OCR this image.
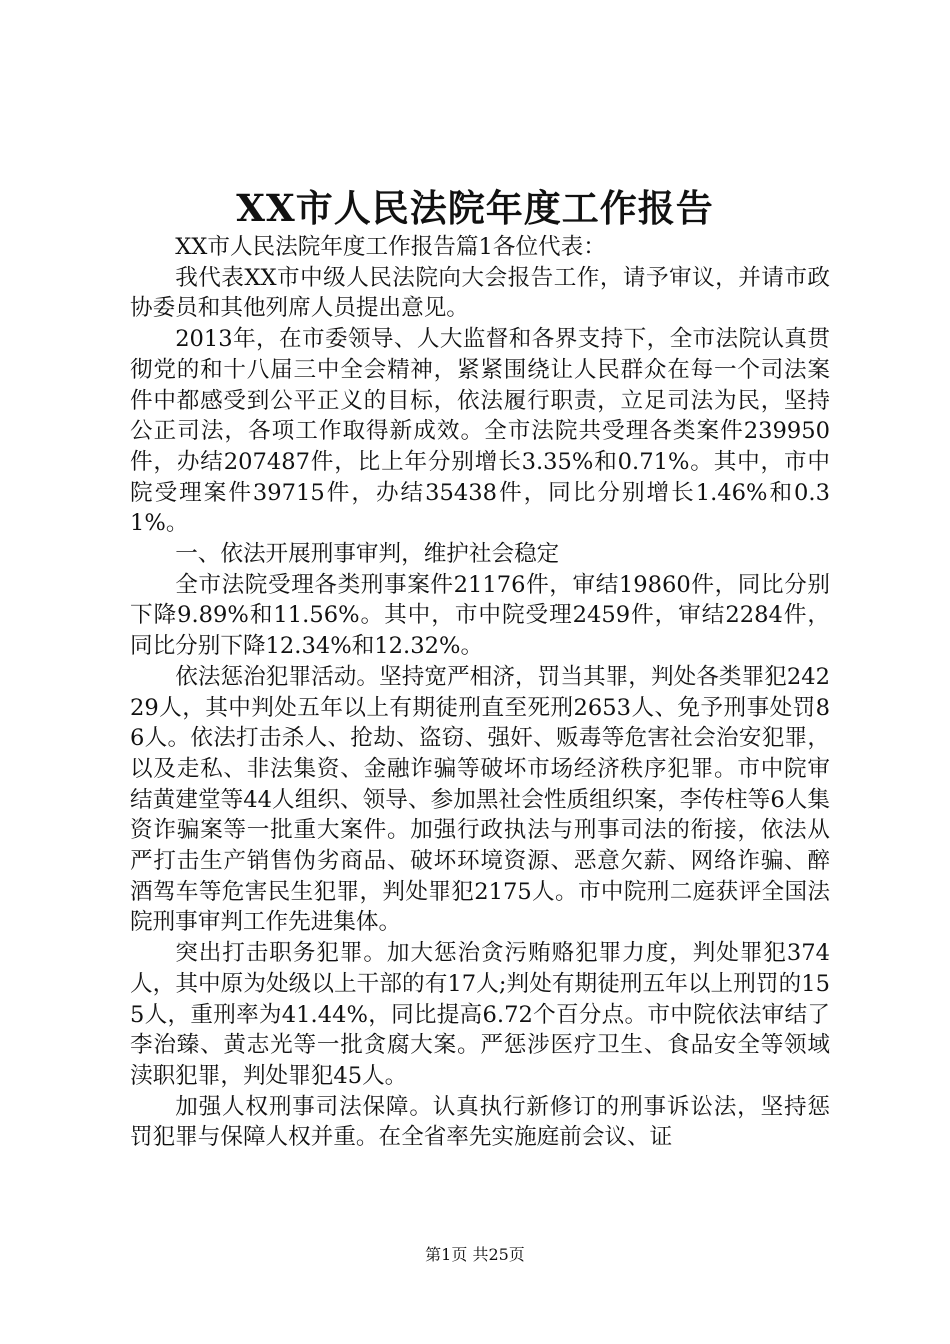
XX市人民法院年度工作报告

XX市人民法院年度工作报告篇1各位代表：

我代表XX市中级人民法院向大会报告工作，请予审议，并请市政协委员和其他列席人员提出意见。

2013年，在市委领导、人大监督和各界支持下，全市法院认真贯彻党的和十八届三中全会精神，紧紧围绕让人民群众在每一个司法案件中都感受到公平正义的目标，依法履行职责，立足司法为民，坚持公正司法，各项工作取得新成效。全市法院共受理各类案件239950件，办结207487件，比上年分别增长3.35%和0.71%。其中，市中院受理案件39715件，办结35438件，同比分别增长1.46%和0.31%。

一、依法开展刑事审判，维护社会稳定

全市法院受理各类刑事案件21176件，审结19860件，同比分别下降9.89%和11.56%。其中，市中院受理2459件，审结2284件，同比分别下降12.34%和12.32%。

依法惩治犯罪活动。坚持宽严相济，罚当其罪，判处各类罪犯24229人，其中判处五年以上有期徒刑直至死刑2653人、免予刑事处罚86人。依法打击杀人、抢劫、盗窃、强奸、贩毒等危害社会治安犯罪，以及走私、非法集资、金融诈骗等破坏市场经济秩序犯罪。市中院审结黄建堂等44人组织、领导、参加黑社会性质组织案，李传柱等6人集资诈骗案等一批重大案件。加强行政执法与刑事司法的衔接，依法从严打击生产销售伪劣商品、破坏环境资源、恶意欠薪、网络诈骗、醉酒驾车等危害民生犯罪，判处罪犯2175人。市中院刑二庭获评全国法院刑事审判工作先进集体。

突出打击职务犯罪。加大惩治贪污贿赂犯罪力度，判处罪犯374人，其中原为处级以上干部的有17人;判处有期徒刑五年以上刑罚的155人，重刑率为41.44%，同比提高6.72个百分点。市中院依法审结了李治臻、黄志光等一批贪腐大案。严惩涉医疗卫生、食品安全等领域渎职犯罪，判处罪犯45人。

加强人权刑事司法保障。认真执行新修订的刑事诉讼法，坚持惩罚犯罪与保障人权并重。在全省率先实施庭前会议、证

第1页 共25页
